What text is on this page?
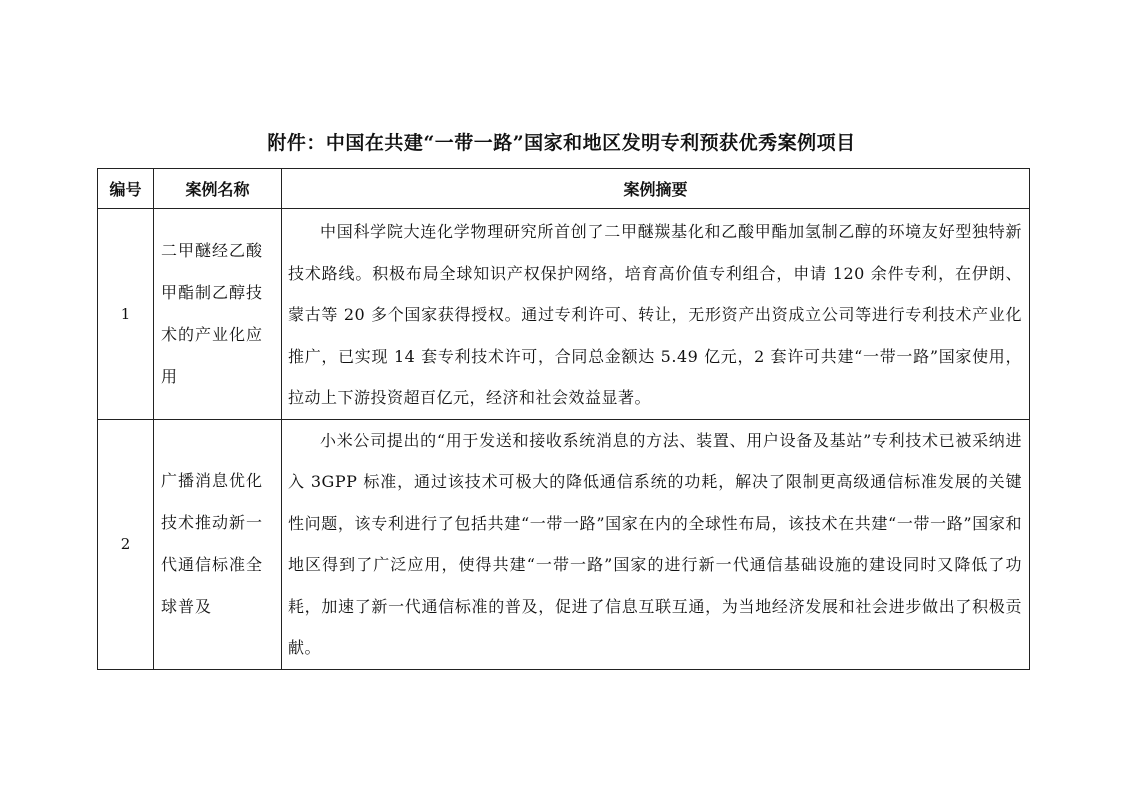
附件：中国在共建“一带一路”国家和地区发明专利预获优秀案例项目
编号	案例名称	案例摘要
1	二甲醚经乙酸甲酯制乙醇技术的产业化应用	中国科学院大连化学物理研究所首创了二甲醚羰基化和乙酸甲酯加氢制乙醇的环境友好型独特新技术路线。积极布局全球知识产权保护网络，培育高价值专利组合，申请 120 余件专利，在伊朗、蒙古等 20 多个国家获得授权。通过专利许可、转让，无形资产出资成立公司等进行专利技术产业化推广，已实现 14 套专利技术许可，合同总金额达 5.49 亿元，2 套许可共建“一带一路”国家使用，拉动上下游投资超百亿元，经济和社会效益显著。
2	广播消息优化技术推动新一代通信标准全球普及	小米公司提出的“用于发送和接收系统消息的方法、装置、用户设备及基站”专利技术已被采纳进入 3GPP 标准，通过该技术可极大的降低通信系统的功耗，解决了限制更高级通信标准发展的关键性问题，该专利进行了包括共建“一带一路”国家在内的全球性布局，该技术在共建“一带一路”国家和地区得到了广泛应用，使得共建“一带一路”国家的进行新一代通信基础设施的建设同时又降低了功耗，加速了新一代通信标准的普及，促进了信息互联互通，为当地经济发展和社会进步做出了积极贡献。
